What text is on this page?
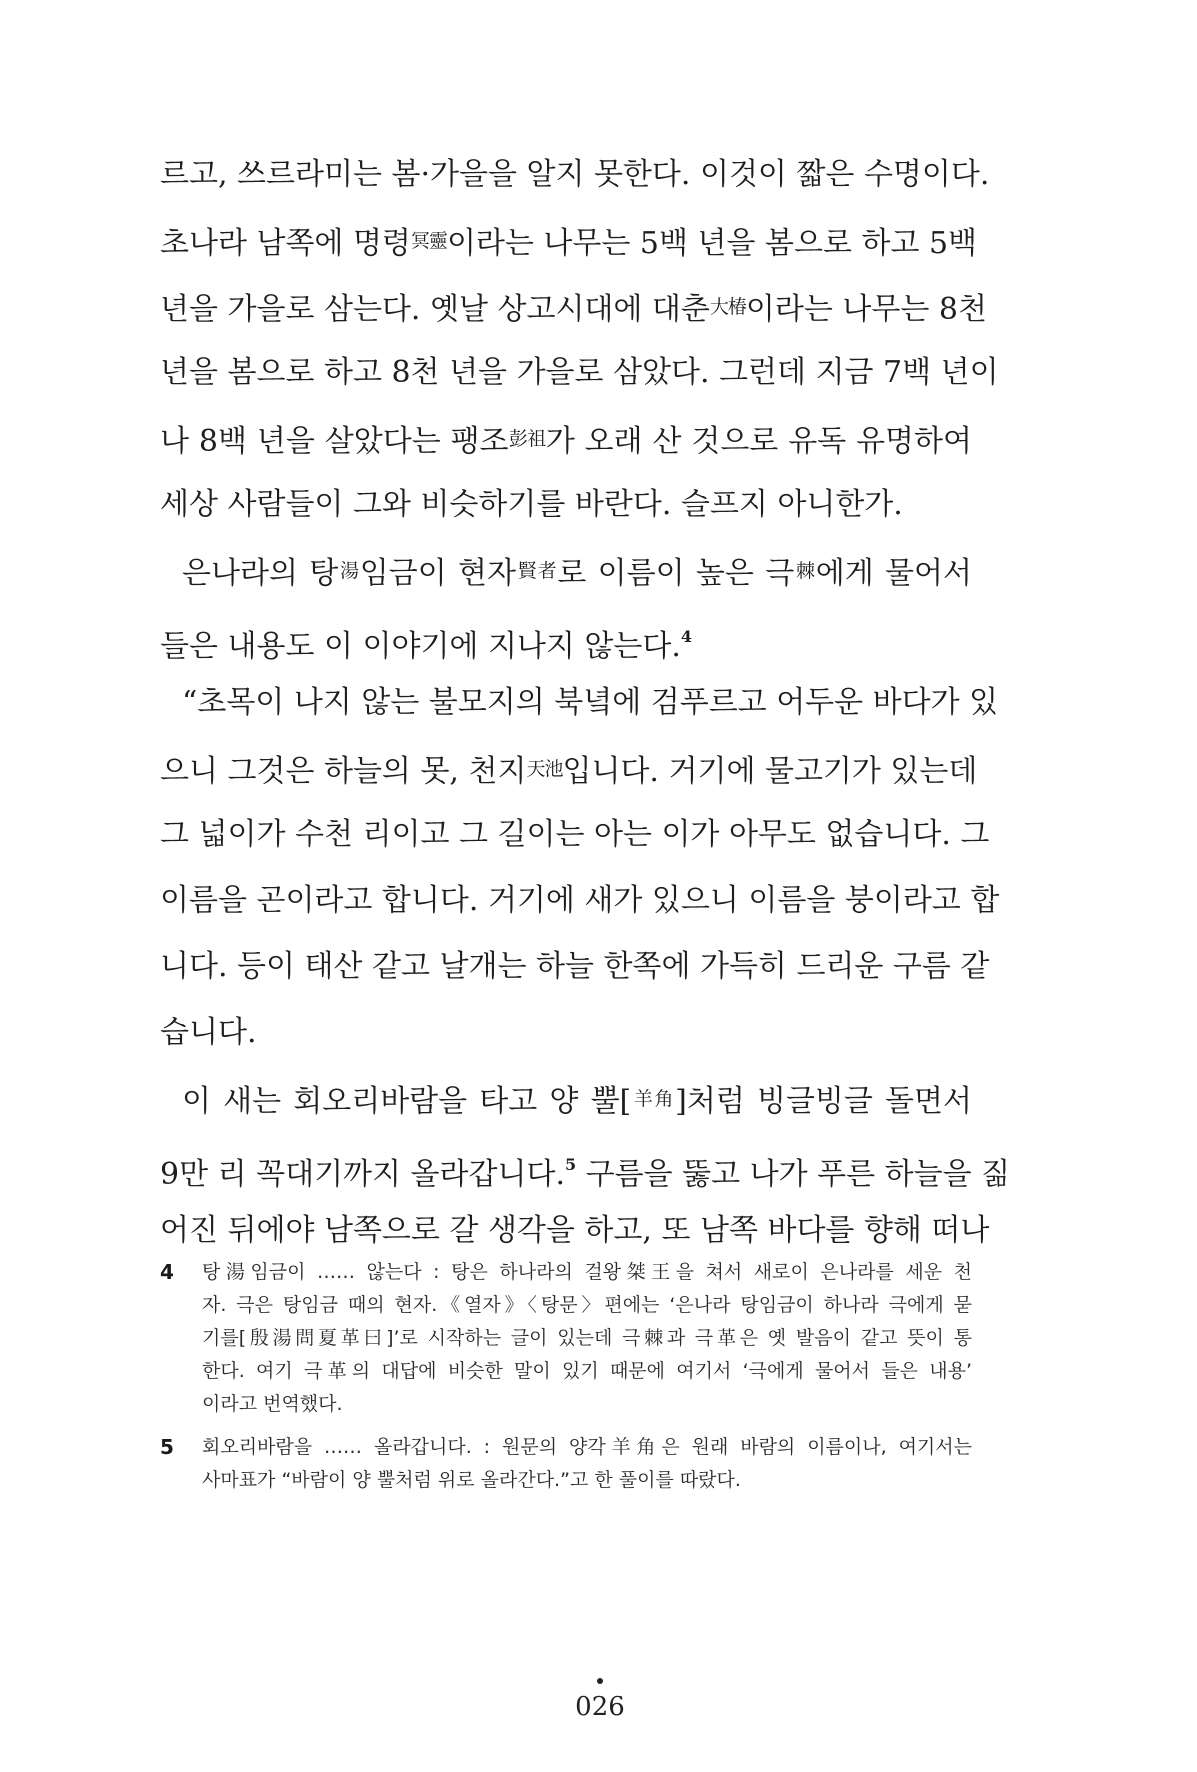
르고, 쓰르라미는 봄·가을을 알지 못한다. 이것이 짧은 수명이다.
초나라 남쪽에 명령$^{冥靈}$이라는 나무는 5백 년을 봄으로 하고 5백
년을 가을로 삼는다. 옛날 상고시대에 대춘$^{大椿}$이라는 나무는 8천
년을 봄으로 하고 8천 년을 가을로 삼았다. 그런데 지금 7백 년이
나 8백 년을 살았다는 팽조$^{彭祖}$가 오래 산 것으로 유독 유명하여
세상 사람들이 그와 비슷하기를 바란다. 슬프지 아니한가.
은나라의 탕$^湯$임금이 현자$^{賢者}$로 이름이 높은 극$^棘$에게 물어서
들은 내용도 이 이야기에 지나지 않는다.$^4$
“초목이 나지 않는 불모지의 북녘에 검푸르고 어두운 바다가 있
으니 그것은 하늘의 못, 천지$^{天池}$입니다. 거기에 물고기가 있는데
그 넓이가 수천 리이고 그 길이는 아는 이가 아무도 없습니다. 그
이름을 곤이라고 합니다. 거기에 새가 있으니 이름을 붕이라고 합
니다. 등이 태산 같고 날개는 하늘 한쪽에 가득히 드리운 구름 같
습니다.
이 새는 회오리바람을 타고 양 뿔[$^{羊角}$]처럼 빙글빙글 돌면서
9만 리 꼭대기까지 올라갑니다.$^5$ 구름을 뚫고 나가 푸른 하늘을 짊
어진 뒤에야 남쪽으로 갈 생각을 하고, 또 남쪽 바다를 향해 떠나
4 탕湯임금이 …… 않는다 : 탕은 하나라의 걸왕桀王을 쳐서 새로이 은나라를 세운 천
자. 극은 탕임금 때의 현자.《열자》〈탕문〉편에는 ‘은나라 탕임금이 하나라 극에게 묻
기를[殷湯問夏革曰]’로 시작하는 글이 있는데 극棘과 극革은 옛 발음이 같고 뜻이 통
한다. 여기 극革의 대답에 비슷한 말이 있기 때문에 여기서 ‘극에게 물어서 들은 내용’
이라고 번역했다.
5 회오리바람을 …… 올라갑니다. : 원문의 양각羊角은 원래 바람의 이름이나, 여기서는
사마표가 “바람이 양 뿔처럼 위로 올라간다.”고 한 풀이를 따랐다.
026
